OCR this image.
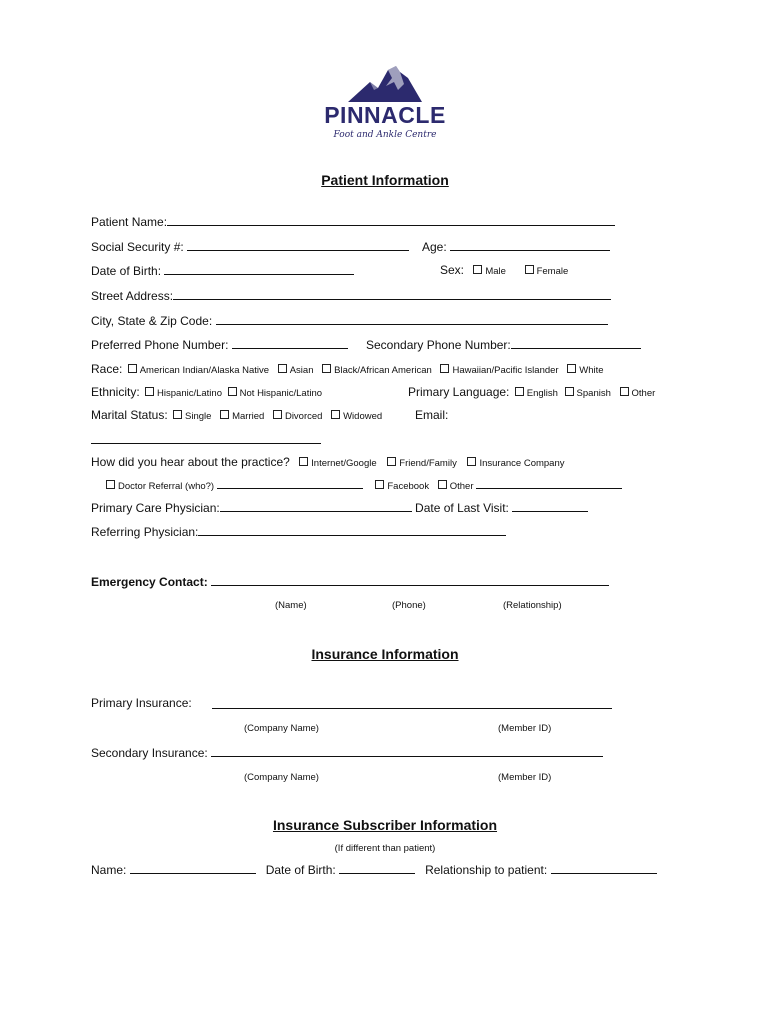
PINNACLE
Foot and Ankle Centre
Patient Information
Patient Name:
Social Security #:	Age:
Date of Birth:	Sex: Male	Female
Street Address:
City, State & Zip Code:
Preferred Phone Number:	Secondary Phone Number:
Race: American Indian/Alaska Native Asian Black/African American Hawaiian/Pacific Islander White
Ethnicity: Hispanic/Latino Not Hispanic/Latino	Primary Language: English Spanish Other
Marital Status: Single Married Divorced Widowed	Email:
How did you hear about the practice? Internet/Google Friend/Family Insurance Company
Doctor Referral (who?)	Facebook Other
Primary Care Physician:	Date of Last Visit:
Referring Physician:
Emergency Contact:
(Name)	(Phone)	(Relationship)
Insurance Information
Primary Insurance:
(Company Name)	(Member ID)
Secondary Insurance:
(Company Name)	(Member ID)
Insurance Subscriber Information
(If different than patient)
Name:	Date of Birth:	Relationship to patient:
